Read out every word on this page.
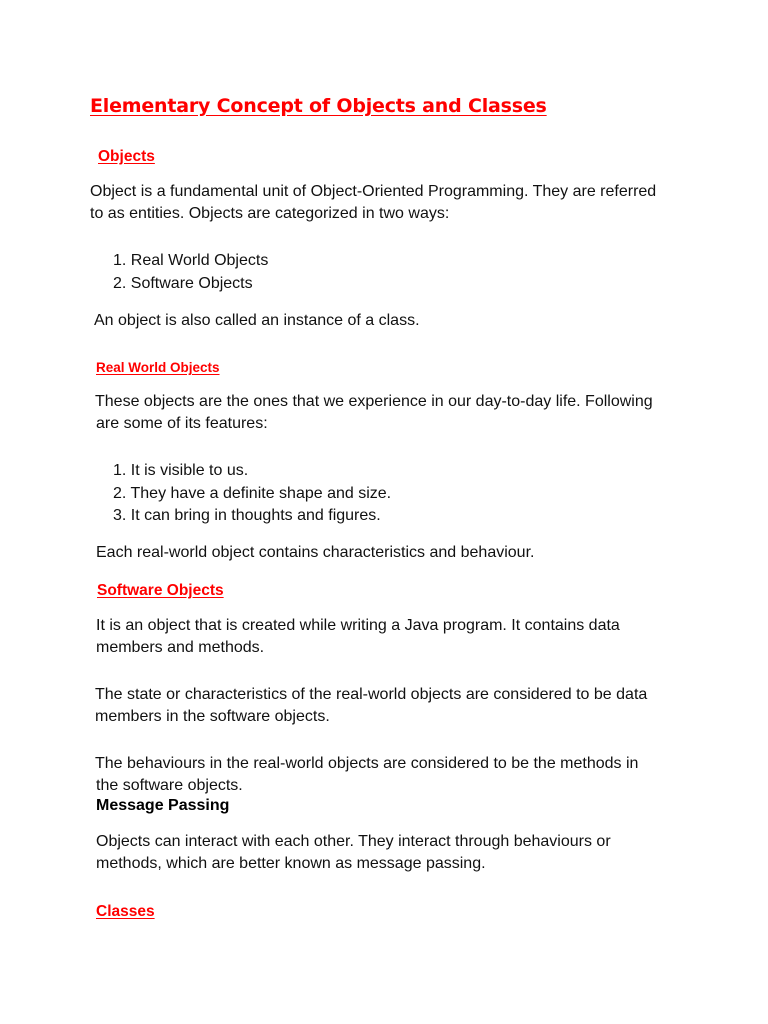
Elementary Concept of Objects and Classes
Objects

Object is a fundamental unit of Object-Oriented Programming. They are referred

to as entities. Objects are categorized in two ways:

1. Real World Objects
2. Software Objects

An object is also called an instance of a class.

Real World Objects

These objects are the ones that we experience in our day-to-day life. Following

are some of its features:

1. It is visible to us.
2. They have a definite shape and size.
3. It can bring in thoughts and figures.

Each real-world object contains characteristics and behaviour.

Software Objects

It is an object that is created while writing a Java program. It contains data

members and methods.

The state or characteristics of the real-world objects are considered to be data

members in the software objects.

The behaviours in the real-world objects are considered to be the methods in

the software objects.

Message Passing

Objects can interact with each other. They interact through behaviours or

methods, which are better known as message passing.

Classes
